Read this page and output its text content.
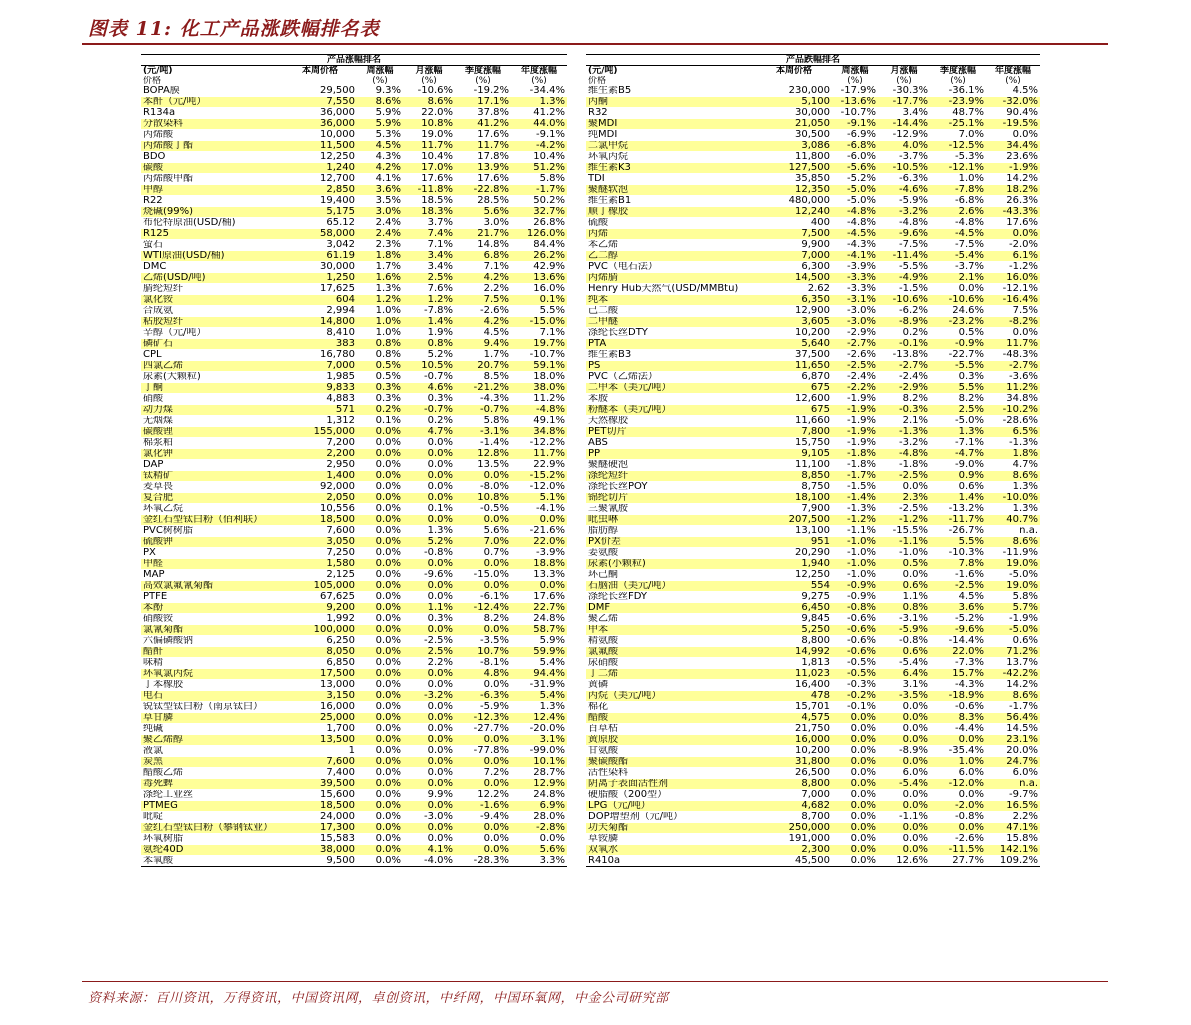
图表 11: 化工产品涨跌幅排名表
产品涨幅排名					
(元/吨)	本周价格	周涨幅	月涨幅	季度涨幅	年度涨幅
价格		(%)	(%)	(%)	(%)
BOPA膜	29,500	9.3%	-10.6%	-19.2%	-34.4%
苯酐（元/吨）	7,550	8.6%	8.6%	17.1%	1.3%
R134a	36,000	5.9%	22.0%	37.8%	41.2%
分散染料	36,000	5.9%	10.8%	41.2%	44.0%
丙烯酸	10,000	5.3%	19.0%	17.6%	-9.1%
丙烯酸丁酯	11,500	4.5%	11.7%	11.7%	-4.2%
BDO	12,250	4.3%	10.4%	17.8%	10.4%
碳酸	1,240	4.2%	17.0%	13.9%	51.2%
丙烯酸甲酯	12,700	4.1%	17.6%	17.6%	5.8%
甲醇	2,850	3.6%	-11.8%	-22.8%	-1.7%
R22	19,400	3.5%	18.5%	28.5%	50.2%
烧碱(99%)	5,175	3.0%	18.3%	5.6%	32.7%
布伦特原油(USD/桶)	65.12	2.4%	3.7%	3.0%	26.8%
R125	58,000	2.4%	7.4%	21.7%	126.0%
萤石	3,042	2.3%	7.1%	14.8%	84.4%
WTI原油(USD/桶)	61.19	1.8%	3.4%	6.8%	26.2%
DMC	30,000	1.7%	3.4%	7.1%	42.9%
乙烯(USD/吨)	1,250	1.6%	2.5%	4.2%	13.6%
腈纶短纤	17,625	1.3%	7.6%	2.2%	16.0%
氯化铵	604	1.2%	1.2%	7.5%	0.1%
合成氨	2,994	1.0%	-7.8%	-2.6%	5.5%
粘胶短纤	14,800	1.0%	1.4%	4.2%	-15.0%
辛醇（元/吨）	8,410	1.0%	1.9%	4.5%	7.1%
磷矿石	383	0.8%	0.8%	9.4%	19.7%
CPL	16,780	0.8%	5.2%	1.7%	-10.7%
四氯乙烯	7,000	0.5%	10.5%	20.7%	59.1%
尿素(大颗粒)	1,985	0.5%	-0.7%	8.5%	18.0%
丁酮	9,833	0.3%	4.6%	-21.2%	38.0%
硝酸	4,883	0.3%	0.3%	-4.3%	11.2%
动力煤	571	0.2%	-0.7%	-0.7%	-4.8%
无烟煤	1,312	0.1%	0.2%	5.8%	49.1%
碳酸锂	155,000	0.0%	4.7%	-3.1%	34.8%
棉浆粕	7,200	0.0%	0.0%	-1.4%	-12.2%
氯化钾	2,200	0.0%	0.0%	12.8%	11.7%
DAP	2,950	0.0%	0.0%	13.5%	22.9%
钛精矿	1,400	0.0%	0.0%	0.0%	-15.2%
麦草畏	92,000	0.0%	0.0%	-8.0%	-12.0%
复合肥	2,050	0.0%	0.0%	10.8%	5.1%
环氧乙烷	10,556	0.0%	0.1%	-0.5%	-4.1%
金红石型钛白粉（佰利联）	18,500	0.0%	0.0%	0.0%	0.0%
PVC树树脂	7,600	0.0%	1.3%	5.6%	-21.6%
硫酸钾	3,050	0.0%	5.2%	7.0%	22.0%
PX	7,250	0.0%	-0.8%	0.7%	-3.9%
甲醛	1,580	0.0%	0.0%	0.0%	18.8%
MAP	2,125	0.0%	-9.6%	-15.0%	13.3%
高效氯氟氰菊酯	105,000	0.0%	0.0%	0.0%	0.0%
PTFE	67,625	0.0%	0.0%	-6.1%	17.6%
苯酚	9,200	0.0%	1.1%	-12.4%	22.7%
硝酸铵	1,992	0.0%	0.3%	8.2%	24.8%
氯氰菊酯	100,000	0.0%	0.0%	0.0%	58.7%
六偏磷酸钠	6,250	0.0%	-2.5%	-3.5%	5.9%
醋酐	8,050	0.0%	2.5%	10.7%	59.9%
味精	6,850	0.0%	2.2%	-8.1%	5.4%
环氧氯丙烷	17,500	0.0%	0.0%	4.8%	94.4%
丁苯橡胶	13,000	0.0%	0.0%	0.0%	-31.9%
电石	3,150	0.0%	-3.2%	-6.3%	5.4%
锐钛型钛白粉（南京钛白）	16,000	0.0%	0.0%	-5.9%	1.3%
草甘膦	25,000	0.0%	0.0%	-12.3%	12.4%
纯碱	1,700	0.0%	0.0%	-27.7%	-20.0%
聚乙烯醇	13,500	0.0%	0.0%	0.0%	3.1%
液氯	1	0.0%	0.0%	-77.8%	-99.0%
炭黑	7,600	0.0%	0.0%	0.0%	10.1%
醋酸乙烯	7,400	0.0%	0.0%	7.2%	28.7%
毒死蜱	39,500	0.0%	0.0%	0.0%	12.9%
涤纶工业丝	15,600	0.0%	9.9%	12.2%	24.8%
PTMEG	18,500	0.0%	0.0%	-1.6%	6.9%
吡啶	24,000	0.0%	-3.0%	-9.4%	28.0%
金红石型钛白粉（攀钢钛业）	17,300	0.0%	0.0%	0.0%	-2.8%
环氧树脂	15,583	0.0%	0.0%	0.0%	0.0%
氨纶40D	38,000	0.0%	4.1%	0.0%	5.6%
苯氧酸	9,500	0.0%	-4.0%	-28.3%	3.3%
产品跌幅排名					
(元/吨)	本周价格	周涨幅	月涨幅	季度涨幅	年度涨幅
价格		(%)	(%)	(%)	(%)
维生素B5	230,000	-17.9%	-30.3%	-36.1%	4.5%
丙酮	5,100	-13.6%	-17.7%	-23.9%	-32.0%
R32	30,000	-10.7%	3.4%	48.7%	90.4%
聚MDI	21,050	-9.1%	-14.4%	-25.1%	-19.5%
纯MDI	30,500	-6.9%	-12.9%	7.0%	0.0%
二氯甲烷	3,086	-6.8%	4.0%	-12.5%	34.4%
环氧丙烷	11,800	-6.0%	-3.7%	-5.3%	23.6%
维生素K3	127,500	-5.6%	-10.5%	-12.1%	-1.9%
TDI	35,850	-5.2%	-6.3%	1.0%	14.2%
聚醚软泡	12,350	-5.0%	-4.6%	-7.8%	18.2%
维生素B1	480,000	-5.0%	-5.9%	-6.8%	26.3%
顺丁橡胶	12,240	-4.8%	-3.2%	2.6%	-43.3%
硫酸	400	-4.8%	-4.8%	-4.8%	17.6%
丙烯	7,500	-4.5%	-9.6%	-4.5%	0.0%
苯乙烯	9,900	-4.3%	-7.5%	-7.5%	-2.0%
乙二醇	7,000	-4.1%	-11.4%	-5.4%	6.1%
PVC（电石法）	6,300	-3.9%	-5.5%	-3.7%	-1.2%
丙烯腈	14,500	-3.3%	-4.9%	2.1%	16.0%
Henry Hub天然气(USD/MMBtu)	2.62	-3.3%	-1.5%	0.0%	-12.1%
纯苯	6,350	-3.1%	-10.6%	-10.6%	-16.4%
己二酸	12,900	-3.0%	-6.2%	24.6%	7.5%
二甲醚	3,605	-3.0%	-8.9%	-23.2%	-8.2%
涤纶长丝DTY	10,200	-2.9%	0.2%	0.5%	0.0%
PTA	5,640	-2.7%	-0.1%	-0.9%	11.7%
维生素B3	37,500	-2.6%	-13.8%	-22.7%	-48.3%
PS	11,650	-2.5%	-2.7%	-5.5%	-2.7%
PVC（乙烯法）	6,870	-2.4%	-2.4%	0.3%	-3.6%
二甲苯（美元/吨）	675	-2.2%	-2.9%	5.5%	11.2%
苯胺	12,600	-1.9%	8.2%	8.2%	34.8%
粉醚苯（美元/吨）	675	-1.9%	-0.3%	2.5%	-10.2%
天然橡胶	11,660	-1.9%	2.1%	-5.0%	-28.6%
PET切片	7,800	-1.9%	-1.3%	1.3%	6.5%
ABS	15,750	-1.9%	-3.2%	-7.1%	-1.3%
PP	9,105	-1.8%	-4.8%	-4.7%	1.8%
聚醚硬泡	11,100	-1.8%	-1.8%	-9.0%	4.7%
涤纶短纤	8,850	-1.7%	-2.5%	0.9%	8.6%
涤纶长丝POY	8,750	-1.5%	0.0%	0.6%	1.3%
锦纶切片	18,100	-1.4%	2.3%	1.4%	-10.0%
三聚氰胺	7,900	-1.3%	-2.5%	-13.2%	1.3%
吡虫啉	207,500	-1.2%	-1.2%	-11.7%	40.7%
脂肪醇	13,100	-1.1%	-15.5%	-26.7%	n.a.
PX价差	951	-1.0%	-1.1%	5.5%	8.6%
姜氨酸	20,290	-1.0%	-1.0%	-10.3%	-11.9%
尿素(小颗粒)	1,940	-1.0%	0.5%	7.8%	19.0%
环己酮	12,250	-1.0%	0.0%	-1.6%	-5.0%
石脑油（美元/吨）	554	-0.9%	0.6%	-2.5%	19.0%
涤纶长丝FDY	9,275	-0.9%	1.1%	4.5%	5.8%
DMF	6,450	-0.8%	0.8%	3.6%	5.7%
聚乙烯	9,845	-0.6%	-3.1%	-5.2%	-1.9%
甲苯	5,250	-0.6%	-5.9%	-9.6%	-5.0%
精氨酸	8,800	-0.6%	-0.8%	-14.4%	0.6%
氯氟酸	14,992	-0.6%	0.6%	22.0%	71.2%
尿硝酸	1,813	-0.5%	-5.4%	-7.3%	13.7%
丁二烯	11,023	-0.5%	6.4%	15.7%	-42.2%
黄磷	16,400	-0.3%	3.1%	-4.3%	14.2%
丙烷（美元/吨）	478	-0.2%	-3.5%	-18.9%	8.6%
棉花	15,701	-0.1%	0.0%	-0.6%	-1.7%
醋酸	4,575	0.0%	0.0%	8.3%	56.4%
百草枯	21,750	0.0%	0.0%	-4.4%	14.5%
黄原胶	16,000	0.0%	0.0%	0.0%	23.1%
甘氨酸	10,200	0.0%	-8.9%	-35.4%	20.0%
聚碳酸酯	31,800	0.0%	0.0%	1.0%	24.7%
活性染料	26,500	0.0%	6.0%	6.0%	6.0%
阴离子表面活性剂	8,800	0.0%	-5.4%	-12.0%	n.a.
硬脂酸（200型）	7,000	0.0%	0.0%	0.0%	-9.7%
LPG（元/吨）	4,682	0.0%	0.0%	-2.0%	16.5%
DOP增塑剂（元/吨）	8,700	0.0%	-1.1%	-0.8%	2.2%
功夫菊酯	250,000	0.0%	0.0%	0.0%	47.1%
草铵膦	191,000	0.0%	0.0%	-2.6%	15.8%
双氧水	2,300	0.0%	0.0%	-11.5%	142.1%
R410a	45,500	0.0%	12.6%	27.7%	109.2%
资料来源：百川资讯，万得资讯，中国资讯网，卓创资讯，中纤网，中国环氧网，中金公司研究部
